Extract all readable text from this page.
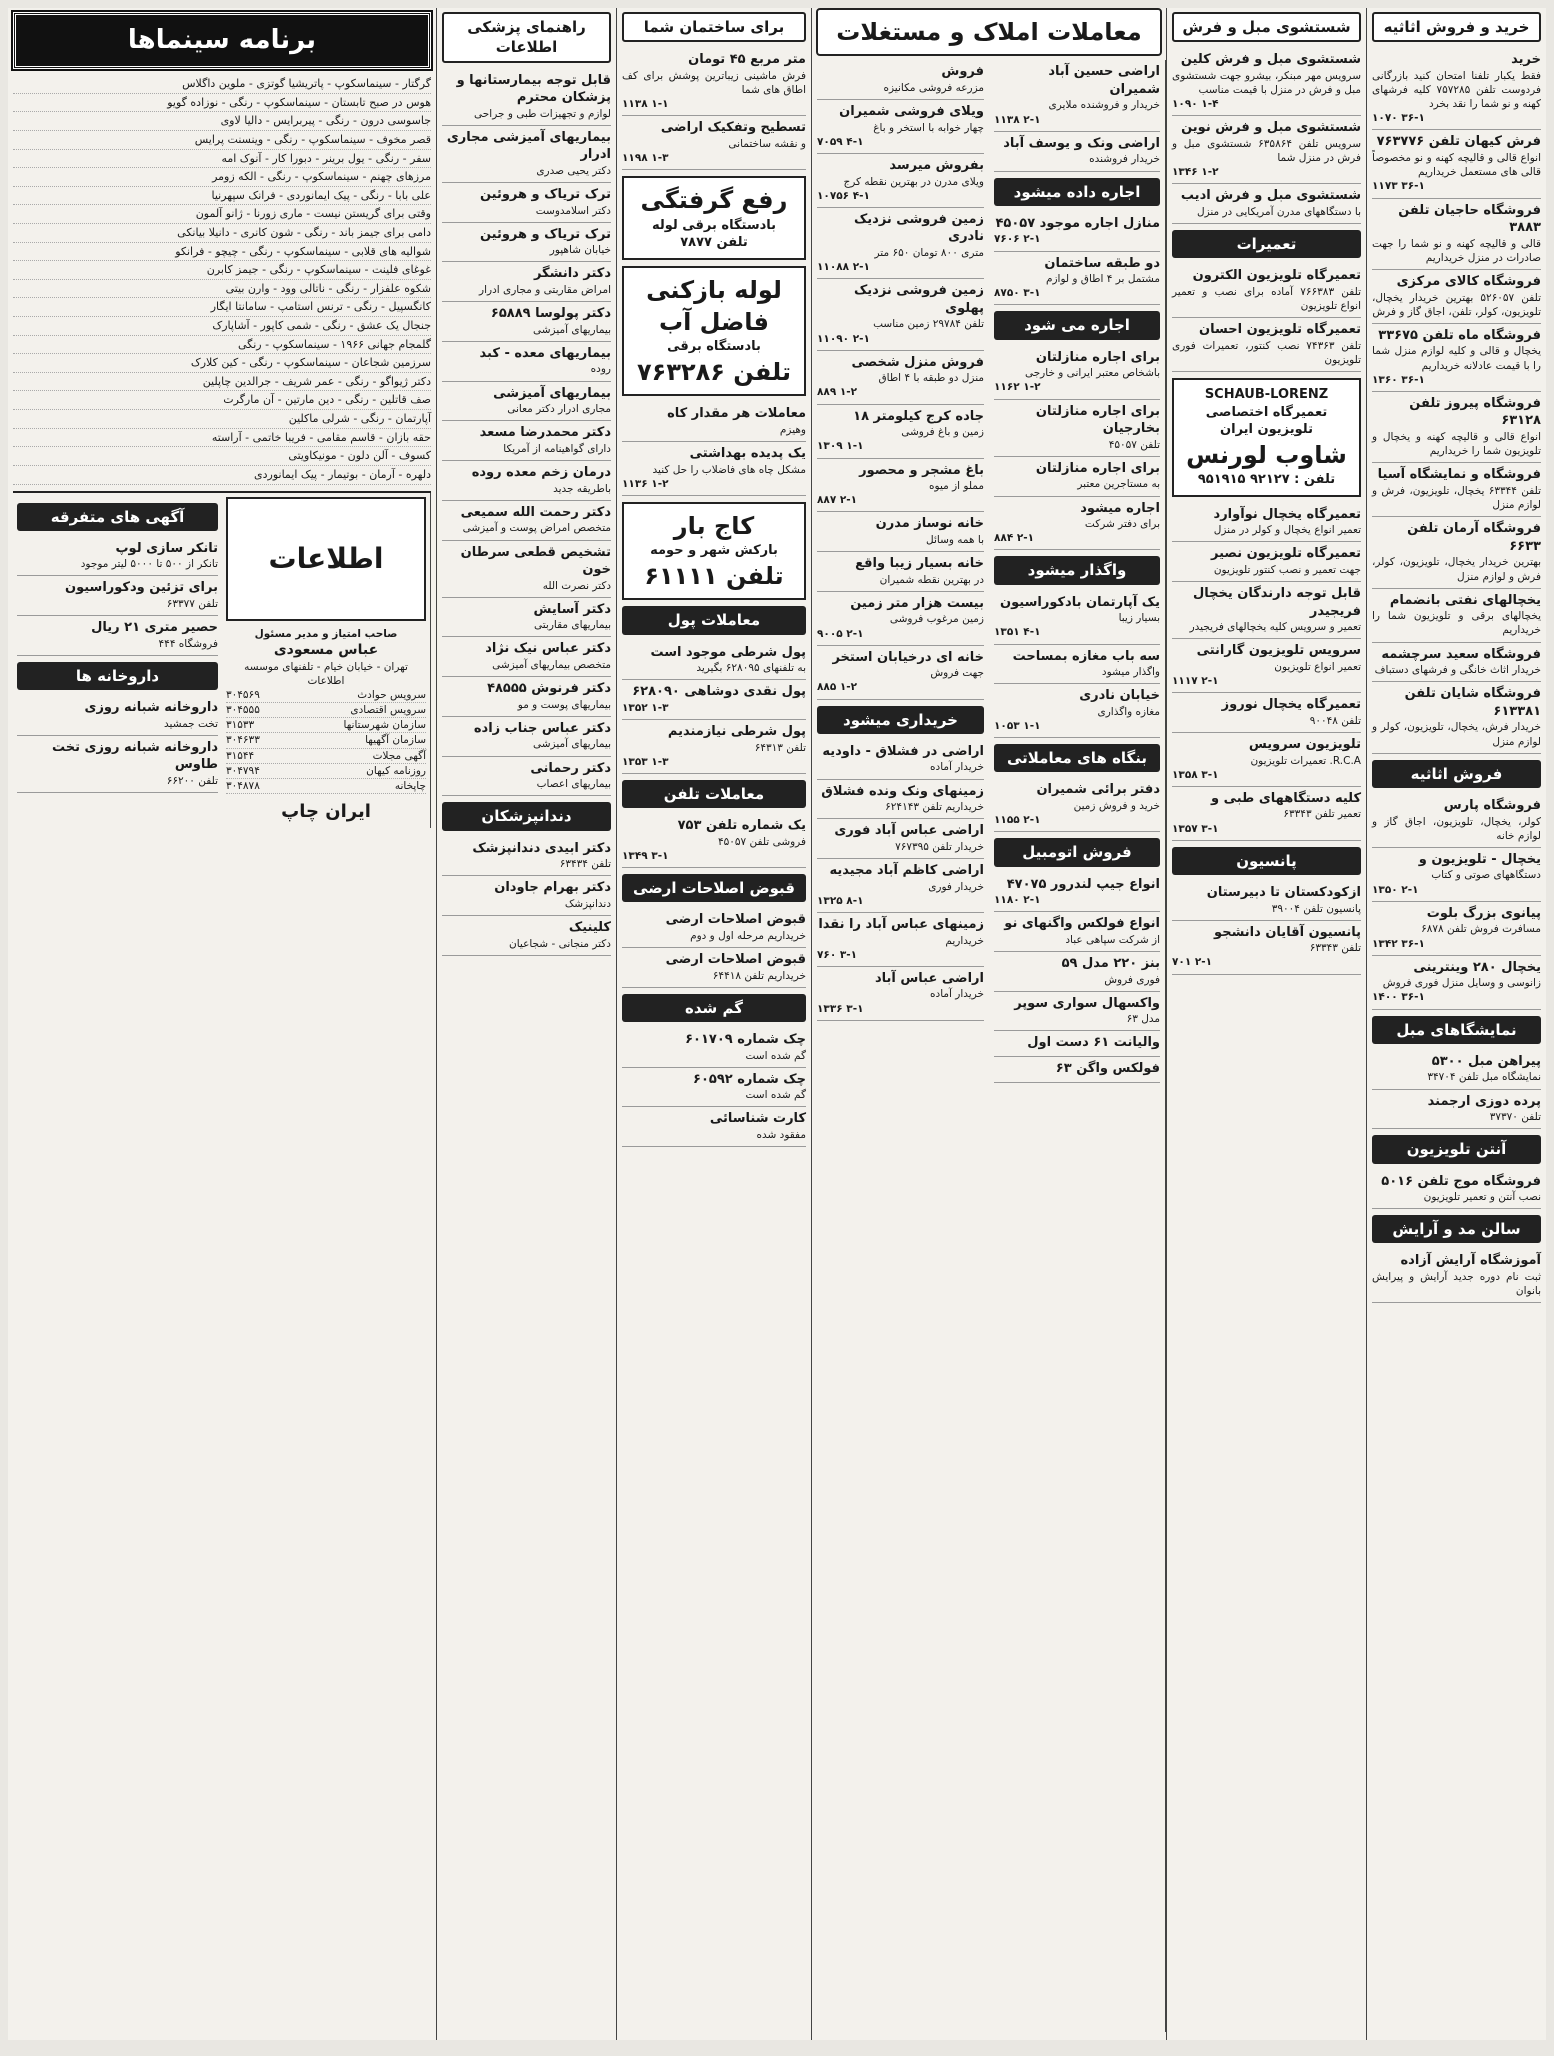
خرید و فروش اثاثیه
خرید
فقط یکبار تلفنا امتحان کنید بازرگانی فردوست تلفن ۷۵۷۲۸۵ کلیه فرشهای کهنه و نو شما را نقد بخرد
۳۶-۱ ۱۰۷۰
فرش کیهان تلفن ۷۶۳۷۷۶
انواع قالی و قالیچه کهنه و نو مخصوصاً قالی های مستعمل خریداریم
۳۶-۱ ۱۱۷۳
فروشگاه حاجیان تلفن ۳۸۸۳
قالی و قالیچه کهنه و نو شما را جهت صادرات در منزل خریداریم
فروشگاه کالای مرکزی
تلفن ۵۲۶۰۵۷ بهترین خریدار یخچال، تلویزیون، کولر، تلفن، اجاق گاز و فرش
فروشگاه ماه تلفن ۳۳۶۷۵
یخچال و قالی و کلیه لوازم منزل شما را با قیمت عادلانه خریداریم
۳۶-۱ ۱۳۶۰
فروشگاه پیروز تلفن ۶۳۱۲۸
انواع قالی و قالیچه کهنه و یخچال و تلویزیون شما را خریداریم
فروشگاه و نمایشگاه آسیا
تلفن ۶۳۳۴۴ یخچال، تلویزیون، فرش و لوازم منزل
فروشگاه آرمان تلفن ۶۶۳۳
بهترین خریدار یخچال، تلویزیون، کولر، فرش و لوازم منزل
یخچالهای نفتی بانضمام
یخچالهای برقی و تلویزیون شما را خریداریم
فروشگاه سعید سرچشمه
خریدار اثاث خانگی و فرشهای دستباف
فروشگاه شایان تلفن ۶۱۳۳۸۱
خریدار فرش، یخچال، تلویزیون، کولر و لوازم منزل
فروش اثاثیه
فروشگاه پارس
کولر، یخچال، تلویزیون، اجاق گاز و لوازم خانه
یخچال - تلویزیون و
دستگاههای صوتی و کتاب
۲-۱ ۱۳۵۰
پیانوی بزرگ بلوت
مسافرت فروش تلفن ۶۸۷۸
۳۶-۱ ۱۳۴۲
یخچال ۲۸۰ وینترینی
زانوسی و وسایل منزل فوری فروش
۳۶-۱ ۱۴۰۰
نمایشگاهای مبل
پیراهن مبل ۵۳۰۰
نمایشگاه مبل تلفن ۳۴۷۰۴
پرده دوزی ارجمند
تلفن ۳۷۳۷۰
آنتن تلویزیون
فروشگاه موج تلفن ۵۰۱۶
نصب آنتن و تعمیر تلویزیون
سالن مد و آرایش
آموزشگاه آرایش آزاده
ثبت نام دوره جدید آرایش و پیرایش بانوان
شستشوی مبل و فرش
شستشوی مبل و فرش کلین
سرویس مهر مبنکر، بیشرو جهت شستشوی مبل و فرش در منزل با قیمت مناسب
۱-۴ ۱۰۹۰
شستشوی مبل و فرش نوین
سرویس تلفن ۶۳۵۸۶۴ شستشوی مبل و فرش در منزل شما
۱-۲ ۱۳۴۶
شستشوی مبل و فرش ادیب
با دستگاههای مدرن آمریکایی در منزل
تعمیرات
تعمیرگاه تلویزیون الکترون
تلفن ۷۶۶۳۸۳ آماده برای نصب و تعمیر انواع تلویزیون
تعمیرگاه تلویزیون احسان
تلفن ۷۴۳۶۳ نصب کنتور، تعمیرات فوری تلویزیون
SCHAUB-LORENZ
تعمیرگاه اختصاصی
تلویزیون ایران
شاوب لورنس
تلفن : ۹۲۱۲۷ ۹۵۱۹۱۵
تعمیرگاه یخچال نوآوارد
تعمیر انواع یخچال و کولر در منزل
تعمیرگاه تلویزیون نصیر
جهت تعمیر و نصب کنتور تلویزیون
قابل توجه دارندگان یخچال فریجیدر
تعمیر و سرویس کلیه یخچالهای فریجیدر
سرویس تلویزیون گارانتی
تعمیر انواع تلویزیون
۲-۱ ۱۱۱۷
تعمیرگاه یخچال نوروز
تلفن ۹۰۰۴۸
تلویزیون سرویس
R.C.A. تعمیرات تلویزیون
۳-۱ ۱۳۵۸
کلیه دستگاههای طبی و
تعمیر تلفن ۶۳۳۴۳
۳-۱ ۱۳۵۷
پانسیون
ازکودکستان تا دبیرستان
پانسیون تلفن ۳۹۰۰۴
پانسیون آقایان دانشجو
تلفن ۶۳۳۴۳
۲-۱ ۷۰۱
معاملات املاک و مستغلات
فروش
مزرعه فروشی مکانیزه
ویلای فروشی شمیران
چهار خوابه با استخر و باغ
۴-۱ ۷۰۵۹
بفروش میرسد
ویلای مدرن در بهترین نقطه کرج
۴-۱ ۱۰۷۵۶
زمین فروشی نزدیک نادری
متری ۸۰۰ تومان ۶۵۰ متر
۲-۱ ۱۱۰۸۸
زمین فروشی نزدیک پهلوی
تلفن ۲۹۷۸۴ زمین مناسب
۲-۱ ۱۱۰۹۰
فروش منزل شخصی
منزل دو طبقه با ۴ اطاق
۱-۲ ۸۸۹
جاده کرج کیلومتر ۱۸
زمین و باغ فروشی
۱-۱ ۱۳۰۹
باغ مشجر و محصور
مملو از میوه
۲-۱ ۸۸۷
خانه نوساز مدرن
با همه وسائل
خانه بسیار زیبا واقع
در بهترین نقطه شمیران
بیست هزار متر زمین
زمین مرغوب فروشی
۲-۱ ۹۰۰۵
خانه ای درخیابان استخر
جهت فروش
۱-۲ ۸۸۵
خریداری میشود
اراضی در فشلاق - داودیه
خریدار آماده
زمینهای ونک ونده فشلاق
خریداریم تلفن ۶۲۴۱۴۳
اراضی عباس آباد فوری
خریدار تلفن ۷۶۷۳۹۵
اراضی کاظم آباد مجیدیه
خریدار فوری
۸-۱ ۱۳۲۵
زمینهای عباس آباد را نقدا
خریداریم
۳-۱ ۷۶۰
اراضی عباس آباد
خریدار آماده
۳-۱ ۱۳۳۶
اراضی حسین آباد شمیران
خریدار و فروشنده ملایری
۲-۱ ۱۱۳۸
اراضی ونک و یوسف آباد
خریدار فروشنده
اجاره داده میشود
منازل اجاره موجود ۴۵۰۵۷
۲-۱ ۷۶۰۶
دو طبقه ساختمان
مشتمل بر ۴ اطاق و لوازم
۳-۱ ۸۷۵۰
اجاره می شود
برای اجاره منازلتان
باشخاص معتبر ایرانی و خارجی
۱-۲ ۱۱۶۲
برای اجاره منازلتان بخارجیان
تلفن ۴۵۰۵۷
برای اجاره منازلتان
به مستاجرین معتبر
اجاره میشود
برای دفتر شرکت
۲-۱ ۸۸۴
واگذار میشود
یک آپارتمان بادکوراسیون
بسیار زیبا
۴-۱ ۱۳۵۱
سه باب مغازه بمساحت
واگذار میشود
خیابان نادری
مغازه واگذاری
۱-۱ ۱۰۵۳
بنگاه های معاملاتی
دفتر برائی شمیران
خرید و فروش زمین
۲-۱ ۱۱۵۵
فروش اتومبیل
انواع جیپ لندرور ۴۷۰۷۵
۲-۱ ۱۱۸۰
انواع فولکس واگنهای نو
از شرکت سپاهی عباد
بنز ۲۲۰ مدل ۵۹
فوری فروش
واکسهال سواری سوپر
مدل ۶۳
والیانت ۶۱ دست اول
فولکس واگن ۶۳
برای ساختمان شما
متر مربع ۴۵ تومان
فرش ماشینی زیباترین پوشش برای کف اطاق های شما
۱-۱ ۱۱۳۸
تسطیح وتفکیک اراضی
و نقشه ساختمانی
۱-۳ ۱۱۹۸
رفع گرفتگی
بادستگاه برقی لوله
تلفن ۷۸۷۷
لوله بازکنی فاضل آب
بادستگاه برقی
تلفن ۷۶۳۲۸۶
معاملات هر مقدار کاه
وهیزم
یک پدیده بهداشتی
مشکل چاه های فاضلاب را حل کنید
۱-۲ ۱۱۳۶
کاج بار
بارکش شهر و حومه
تلفن ۶۱۱۱۱
معاملات پول
پول شرطی موجود است
به تلفنهای ۶۲۸۰۹۵ بگیرید
پول نقدی دوشاهی ۶۲۸۰۹۰
۱-۳ ۱۳۵۲
پول شرطی نیازمندیم
تلفن ۶۴۳۱۳
۱-۳ ۱۳۵۳
معاملات تلفن
یک شماره تلفن ۷۵۳
فروشی تلفن ۴۵۰۵۷
۳-۱ ۱۳۴۹
قبوض اصلاحات ارضی
قبوض اصلاحات ارضی
خریداریم مرحله اول و دوم
قبوض اصلاحات ارضی
خریداریم تلفن ۶۴۴۱۸
گم شده
چک شماره ۶۰۱۷۰۹
گم شده است
چک شماره ۶۰۵۹۲
گم شده است
کارت شناسائی
مفقود شده
راهنمای پزشکی اطلاعات
قابل توجه بیمارستانها و پزشکان محترم
لوازم و تجهیزات طبی و جراحی
بیماریهای آمیزشی مجاری ادرار
دکتر یحیی صدری
ترک تریاک و هروئین
دکتر اسلامدوست
ترک تریاک و هروئین
خیابان شاهپور
دکتر دانشگر
امراض مقاربتی و مجاری ادرار
دکتر پولوسا ۶۵۸۸۹
بیماریهای آمیزشی
بیماریهای معده - کبد
روده
بیماریهای آمیزشی
مجاری ادرار دکتر معانی
دکتر محمدرضا مسعد
دارای گواهینامه از آمریکا
درمان زخم معده روده
باطریقه جدید
دکتر رحمت الله سمیعی
متخصص امراض پوست و آمیزشی
تشخیص قطعی سرطان خون
دکتر نصرت الله
دکتر آسایش
بیماریهای مقاربتی
دکتر عباس نیک نژاد
متخصص بیماریهای آمیزشی
دکتر فرنوش ۴۸۵۵۵
بیماریهای پوست و مو
دکتر عباس جناب زاده
بیماریهای آمیزشی
دکتر رحمانی
بیماریهای اعصاب
دندانپزشکان
دکتر ابیدی دندانپزشک
تلفن ۶۳۴۳۴
دکتر بهرام جاودان
دندانپزشک
کلینیک
دکتر منجانی - شجاعیان
برنامه سینماها
گرگتار - سینماسکوپ - پاتریشیا گوتزی - ملوین داگلاس
هوس در صبح تابستان - سینماسکوپ - رنگی - نوزاده گویو
جاسوسی درون - رنگی - پیربرایس - دالیا لاوی
قصر مخوف - سینماسکوپ - رنگی - وینسنت پرایس
سفر - رنگی - یول برینر - دبورا کار - آنوک امه
مرزهای چهنم - سینماسکوپ - رنگی - الکه زومر
علی بابا - رنگی - پیک ایمانوردی - فرانک سپهرنیا
وقتی برای گریستن نیست - ماری زورنا - ژانو آلمون
دامی برای جیمز باند - رنگی - شون کانری - دانیلا بیانکی
شوالیه های قلابی - سینماسکوپ - رنگی - چیچو - فرانکو
غوغای فلینت - سینماسکوپ - رنگی - جیمز کابرن
شکوه علفزار - رنگی - ناتالی وود - وارن بیتی
کانگسپیل - رنگی - ترنس استامپ - سامانتا ایگار
جنجال یک عشق - رنگی - شمی کاپور - آشاپارک
گلمجام جهانی ۱۹۶۶ - سینماسکوپ - رنگی
سرزمین شجاعان - سینماسکوپ - رنگی - کین کلارک
دکتر ژیواگو - رنگی - عمر شریف - جرالدین چاپلین
صف قاتلین - رنگی - دین مارتین - آن مارگرت
آپارتمان - رنگی - شرلی ماکلین
حقه بازان - قاسم مقامی - فریبا خاتمی - آراسته
کسوف - آلن دلون - مونیکاویتی
دلهره - آرمان - بوتیمار - پیک ایمانوردی
آگهی های متفرقه
تانکر سازی لوپ
تانکر از ۵۰۰ تا ۵۰۰۰ لیتر موجود
برای تزئین ودکوراسیون
تلفن ۶۳۳۷۷
حصیر متری ۲۱ ریال
فروشگاه ۴۴۴
داروخانه ها
داروخانه شبانه روزی
تخت جمشید
داروخانه شبانه روزی تخت طاوس
تلفن ۶۶۲۰۰
اطلاعات
صاحب امتیاز و مدیر مسئول
عباس مسعودی
تهران - خیابان خیام - تلفنهای موسسه اطلاعات
سرویس حوادث
۳۰۴۵۶۹
سرویس اقتصادی
۳۰۴۵۵۵
سازمان شهرستانها
۳۱۵۳۳
سازمان آگهیها
۳۰۴۶۳۳
آگهی مجلات
۳۱۵۴۴
روزنامه کیهان
۳۰۴۷۹۴
چاپخانه
۳۰۴۸۷۸
ایران چاپ
